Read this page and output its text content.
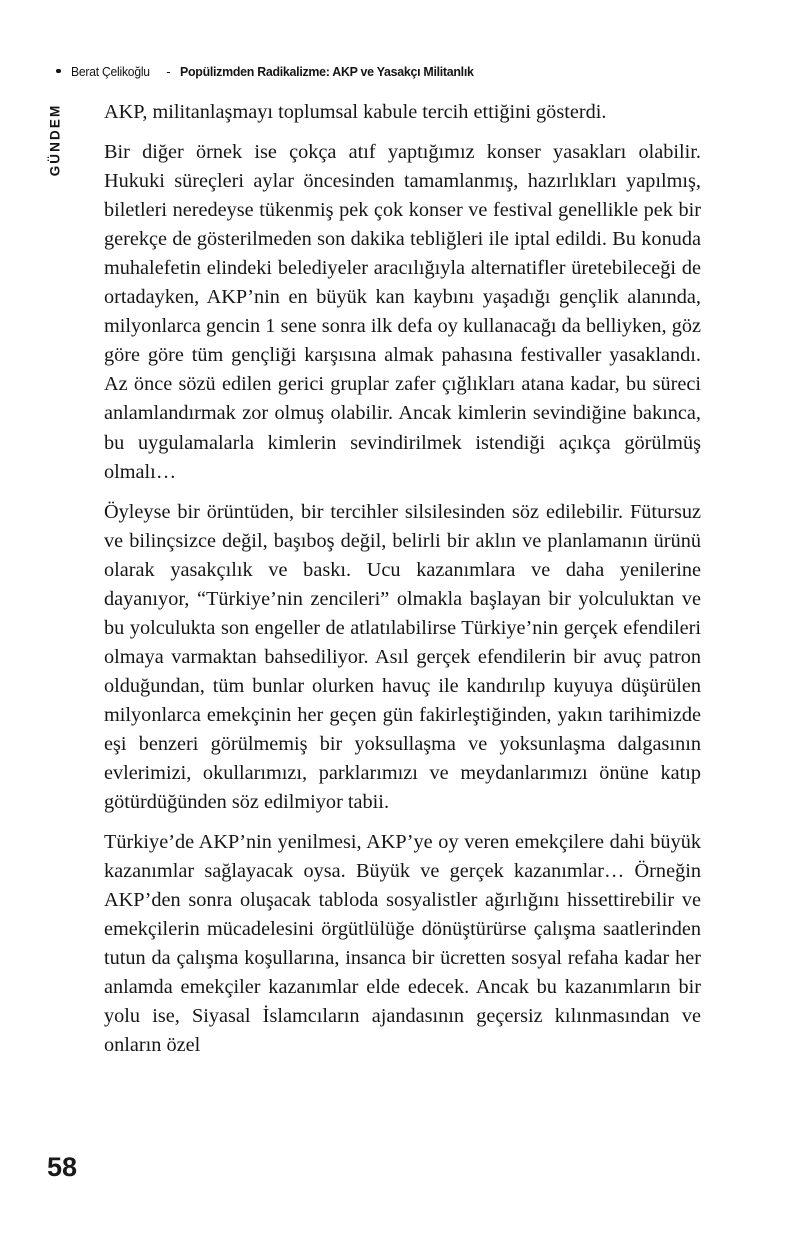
Berat Çelikoğlu - Popülizmden Radikalizme: AKP ve Yasakçı Militanlık
GÜNDEM AKP, militanlaşmayı toplumsal kabule tercih ettiğini gösterdi.

Bir diğer örnek ise çokça atıf yaptığımız konser yasakları olabilir. Hukuki süreçleri aylar öncesinden tamamlanmış, hazırlıkları yapılmış, biletleri neredeyse tükenmiş pek çok konser ve festival genellikle pek bir gerekçe de gösterilmeden son dakika tebliğleri ile iptal edildi. Bu konuda muhalefetin elindeki belediyeler aracılığıyla alternatifler üretebileceği de ortadayken, AKP’nin en büyük kan kaybını yaşadığı gençlik alanında, milyonlarca gencin 1 sene sonra ilk defa oy kullanacağı da belliyken, göz göre göre tüm gençliği karşısına almak pahasına festivaller yasaklandı. Az önce sözü edilen gerici gruplar zafer çığlıkları atana kadar, bu süreci anlamlandırmak zor olmuş olabilir. Ancak kimlerin sevindiğine bakınca, bu uygulamalarla kimlerin sevindirilmek istendiği açıkça görülmüş olmalı…

Öyleyse bir örüntüden, bir tercihler silsilesinden söz edilebilir. Fütursuz ve bilinçsizce değil, başıboş değil, belirli bir aklın ve planlamanın ürünü olarak yasakçılık ve baskı. Ucu kazanımlara ve daha yenilerine dayanıyor, “Türkiye’nin zencileri” olmakla başlayan bir yolculuktan ve bu yolculukta son engeller de atlatılabilirse Türkiye’nin gerçek efendileri olmaya varmaktan bahsediliyor. Asıl gerçek efendilerin bir avuç patron olduğundan, tüm bunlar olurken havuç ile kandırılıp kuyuya düşürülen milyonlarca emekçinin her geçen gün fakirleştiğinden, yakın tarihimizde eşi benzeri görülmemiş bir yoksullaşma ve yoksunlaşma dalgasının evlerimizi, okullarımızı, parklarımızı ve meydanlarımızı önüne katıp götürdüğünden söz edilmiyor tabii.

Türkiye’de AKP’nin yenilmesi, AKP’ye oy veren emekçilere dahi büyük kazanımlar sağlayacak oysa. Büyük ve gerçek kazanımlar… Örneğin AKP’den sonra oluşacak tabloda sosyalistler ağırlığını hissettirebilir ve emekçilerin mücadelesini örgütlülüğe dönüştürürse çalışma saatlerinden tutun da çalışma koşullarına, insanca bir ücretten sosyal refaha kadar her anlamda emekçiler kazanımlar elde edecek. Ancak bu kazanımların bir yolu ise, Siyasal İslamcıların ajandasının geçersiz kılınmasından ve onların özel

58
